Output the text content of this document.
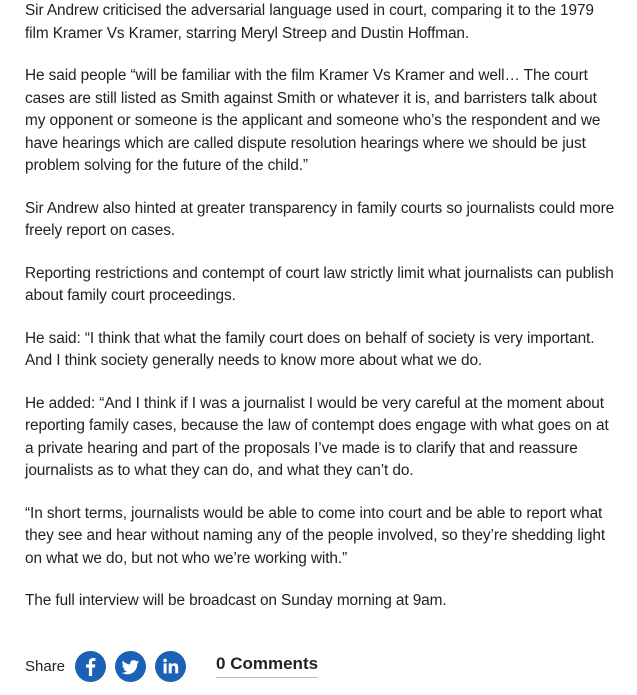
Sir Andrew criticised the adversarial language used in court, comparing it to the 1979 film Kramer Vs Kramer, starring Meryl Streep and Dustin Hoffman.

He said people “will be familiar with the film Kramer Vs Kramer and well… The court cases are still listed as Smith against Smith or whatever it is, and barristers talk about my opponent or someone is the applicant and someone who’s the respondent and we have hearings which are called dispute resolution hearings where we should be just problem solving for the future of the child.”

Sir Andrew also hinted at greater transparency in family courts so journalists could more freely report on cases.

Reporting restrictions and contempt of court law strictly limit what journalists can publish about family court proceedings.

He said: “I think that what the family court does on behalf of society is very important. And I think society generally needs to know more about what we do.

He added: “And I think if I was a journalist I would be very careful at the moment about reporting family cases, because the law of contempt does engage with what goes on at a private hearing and part of the proposals I’ve made is to clarify that and reassure journalists as to what they can do, and what they can’t do.

“In short terms, journalists would be able to come into court and be able to report what they see and hear without naming any of the people involved, so they’re shedding light on what we do, but not who we’re working with.”

The full interview will be broadcast on Sunday morning at 9am.

Share	0 Comments
